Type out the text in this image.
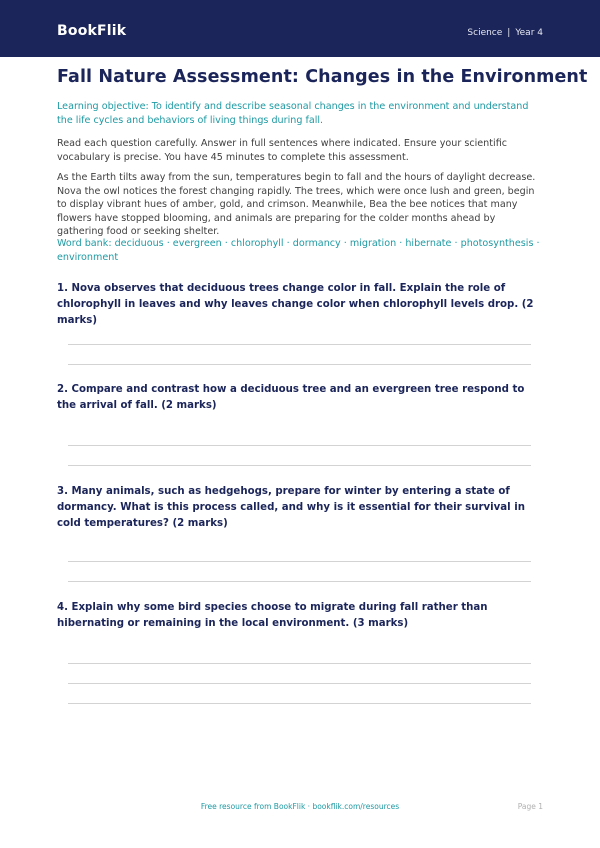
BookFlik	Science | Year 4
Fall Nature Assessment: Changes in the Environment

Learning objective: To identify and describe seasonal changes in the environment and understand the life cycles and behaviors of living things during fall.

Read each question carefully. Answer in full sentences where indicated. Ensure your scientific vocabulary is precise. You have 45 minutes to complete this assessment.

As the Earth tilts away from the sun, temperatures begin to fall and the hours of daylight decrease. Nova the owl notices the forest changing rapidly. The trees, which were once lush and green, begin to display vibrant hues of amber, gold, and crimson. Meanwhile, Bea the bee notices that many flowers have stopped blooming, and animals are preparing for the colder months ahead by gathering food or seeking shelter.

Word bank: deciduous · evergreen · chlorophyll · dormancy · migration · hibernate · photosynthesis · environment

1. Nova observes that deciduous trees change color in fall. Explain the role of chlorophyll in leaves and why leaves change color when chlorophyll levels drop. (2 marks)

2. Compare and contrast how a deciduous tree and an evergreen tree respond to the arrival of fall. (2 marks)

3. Many animals, such as hedgehogs, prepare for winter by entering a state of dormancy. What is this process called, and why is it essential for their survival in cold temperatures? (2 marks)

4. Explain why some bird species choose to migrate during fall rather than hibernating or remaining in the local environment. (3 marks)

Free resource from BookFlik · bookflik.com/resources	Page 1
